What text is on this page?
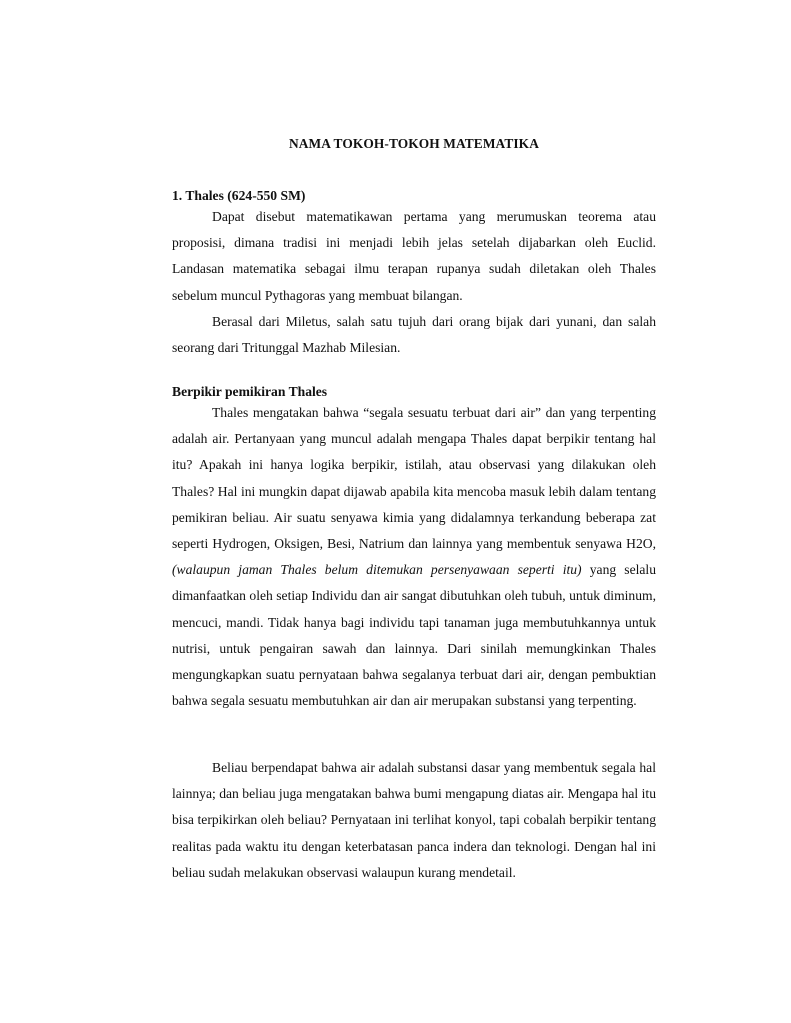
NAMA TOKOH-TOKOH MATEMATIKA
1. Thales (624-550 SM)

Dapat disebut matematikawan pertama yang merumuskan teorema atau proposisi, dimana tradisi ini menjadi lebih jelas setelah dijabarkan oleh Euclid. Landasan matematika sebagai ilmu terapan rupanya sudah diletakan oleh Thales sebelum muncul Pythagoras yang membuat bilangan.

Berasal dari Miletus, salah satu tujuh dari orang bijak dari yunani, dan salah seorang dari Tritunggal Mazhab Milesian.

Berpikir pemikiran Thales

Thales mengatakan bahwa “segala sesuatu terbuat dari air” dan yang terpenting adalah air. Pertanyaan yang muncul adalah mengapa Thales dapat berpikir tentang hal itu? Apakah ini hanya logika berpikir, istilah, atau observasi yang dilakukan oleh Thales? Hal ini mungkin dapat dijawab apabila kita mencoba masuk lebih dalam tentang pemikiran beliau. Air suatu senyawa kimia yang didalamnya terkandung beberapa zat seperti Hydrogen, Oksigen, Besi, Natrium dan lainnya yang membentuk senyawa H2O, (walaupun jaman Thales belum ditemukan persenyawaan seperti itu) yang selalu dimanfaatkan oleh setiap Individu dan air sangat dibutuhkan oleh tubuh, untuk diminum, mencuci, mandi. Tidak hanya bagi individu tapi tanaman juga membutuhkannya untuk nutrisi, untuk pengairan sawah dan lainnya. Dari sinilah memungkinkan Thales mengungkapkan suatu pernyataan bahwa segalanya terbuat dari air, dengan pembuktian bahwa segala sesuatu membutuhkan air dan air merupakan substansi yang terpenting.

Beliau berpendapat bahwa air adalah substansi dasar yang membentuk segala hal lainnya; dan beliau juga mengatakan bahwa bumi mengapung diatas air. Mengapa hal itu bisa terpikirkan oleh beliau? Pernyataan ini terlihat konyol, tapi cobalah berpikir tentang realitas pada waktu itu dengan keterbatasan panca indera dan teknologi. Dengan hal ini beliau sudah melakukan observasi walaupun kurang mendetail.
